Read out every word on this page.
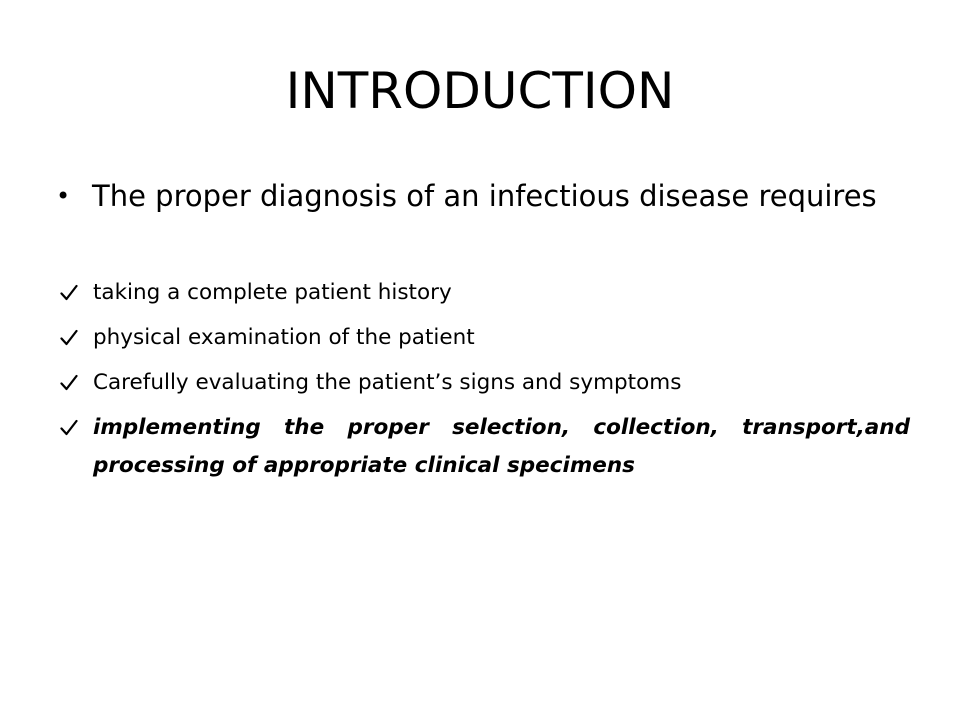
INTRODUCTION
• The proper diagnosis of an infectious disease requires
taking a complete patient history
physical examination of the patient
Carefully evaluating the patient’s signs and symptoms
implementing the proper selection, collection, transport,and processing of appropriate clinical specimens
